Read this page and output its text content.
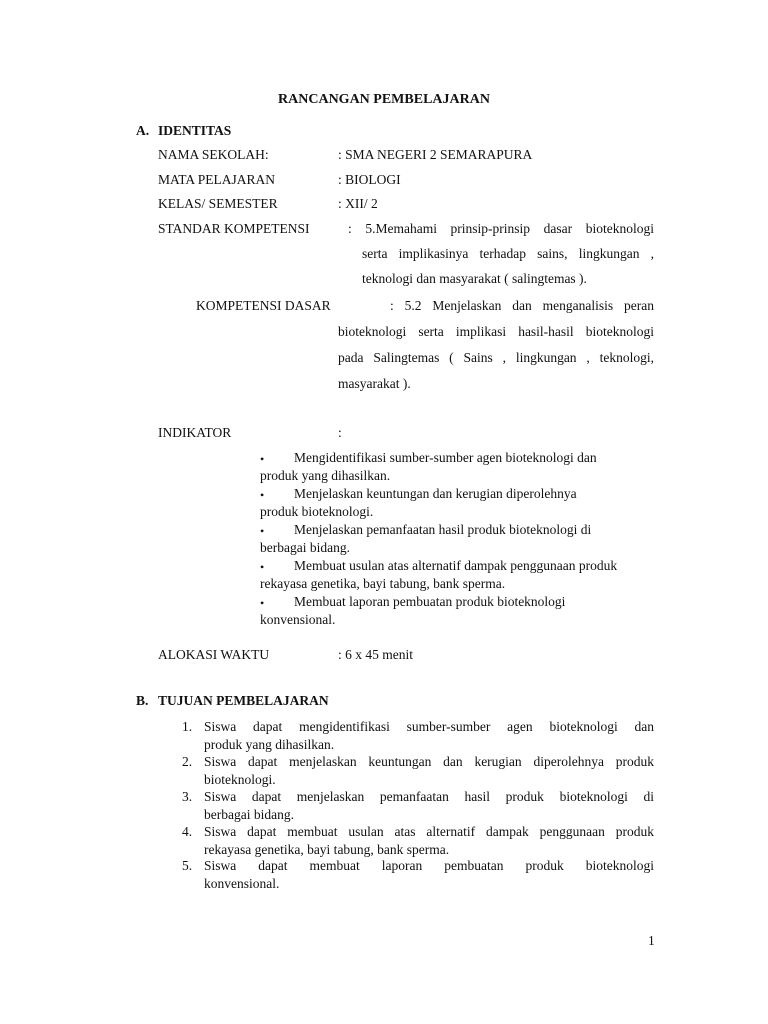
RANCANGAN PEMBELAJARAN
A. IDENTITAS
NAMA SEKOLAH:	: SMA NEGERI 2 SEMARAPURA
MATA PELAJARAN	: BIOLOGI
KELAS/ SEMESTER	: XII/ 2
STANDAR KOMPETENSI	: 5.Memahami prinsip-prinsip dasar bioteknologi
serta implikasinya terhadap sains, lingkungan ,
teknologi dan masyarakat ( salingtemas ).
KOMPETENSI DASAR	: 5.2 Menjelaskan dan menganalisis peran
bioteknologi serta implikasi hasil-hasil bioteknologi
pada Salingtemas ( Sains , lingkungan , teknologi,
masyarakat ).
INDIKATOR	:
• Mengidentifikasi sumber-sumber agen bioteknologi dan
produk yang dihasilkan.
• Menjelaskan keuntungan dan kerugian diperolehnya
produk bioteknologi.
• Menjelaskan pemanfaatan hasil produk bioteknologi di
berbagai bidang.
• Membuat usulan atas alternatif dampak penggunaan produk
rekayasa genetika, bayi tabung, bank sperma.
• Membuat laporan pembuatan produk bioteknologi
konvensional.
ALOKASI WAKTU	: 6 x 45 menit
B. TUJUAN PEMBELAJARAN
1. Siswa dapat mengidentifikasi sumber-sumber agen bioteknologi dan
produk yang dihasilkan.
2. Siswa dapat menjelaskan keuntungan dan kerugian diperolehnya produk
bioteknologi.
3. Siswa dapat menjelaskan pemanfaatan hasil produk bioteknologi di
berbagai bidang.
4. Siswa dapat membuat usulan atas alternatif dampak penggunaan produk
rekayasa genetika, bayi tabung, bank sperma.
5. Siswa dapat membuat laporan pembuatan produk bioteknologi
konvensional.
1
